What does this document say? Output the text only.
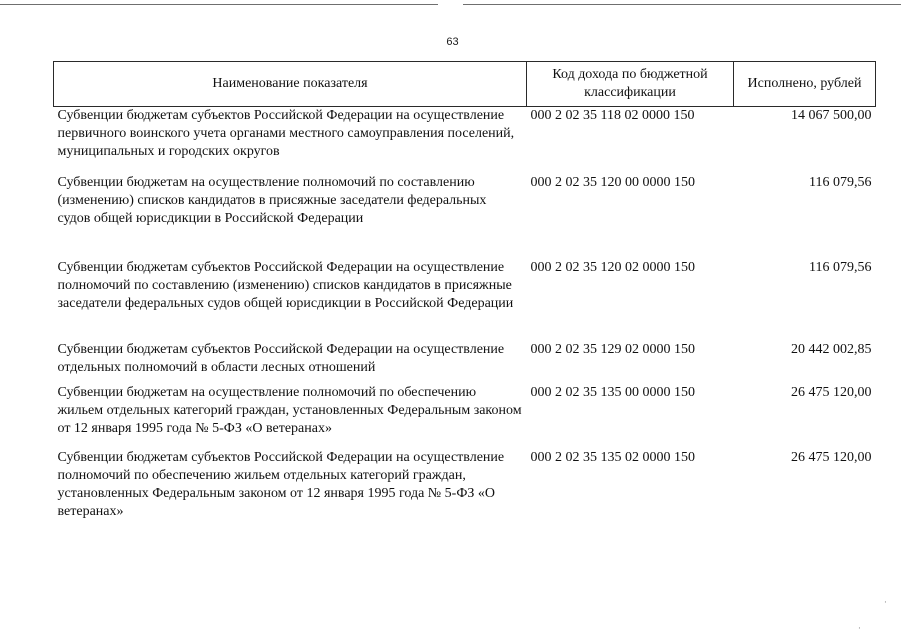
63
Наименование показателя	Код дохода по бюджетной классификации	Исполнено, рублей
Субвенции бюджетам субъектов Российской Федерации на осуществление первичного воинского учета органами местного самоуправления поселений, муниципальных и городских округов	000 2 02 35 118 02 0000 150	14 067 500,00
Субвенции бюджетам на осуществление полномочий по составлению (изменению) списков кандидатов в присяжные заседатели федеральных судов общей юрисдикции в Российской Федерации	000 2 02 35 120 00 0000 150	116 079,56
Субвенции бюджетам субъектов Российской Федерации на осуществление полномочий по составлению (изменению) списков кандидатов в присяжные заседатели федеральных судов общей юрисдикции в Российской Федерации	000 2 02 35 120 02 0000 150	116 079,56
Субвенции бюджетам субъектов Российской Федерации на осуществление отдельных полномочий в области лесных отношений	000 2 02 35 129 02 0000 150	20 442 002,85
Субвенции бюджетам на осуществление полномочий по обеспечению жильем отдельных категорий граждан, установленных Федеральным законом от 12 января 1995 года № 5-ФЗ «О ветеранах»	000 2 02 35 135 00 0000 150	26 475 120,00
Субвенции бюджетам субъектов Российской Федерации на осуществление полномочий по обеспечению жильем отдельных категорий граждан, установленных Федеральным законом от 12 января 1995 года № 5-ФЗ «О ветеранах»	000 2 02 35 135 02 0000 150	26 475 120,00
·
·
